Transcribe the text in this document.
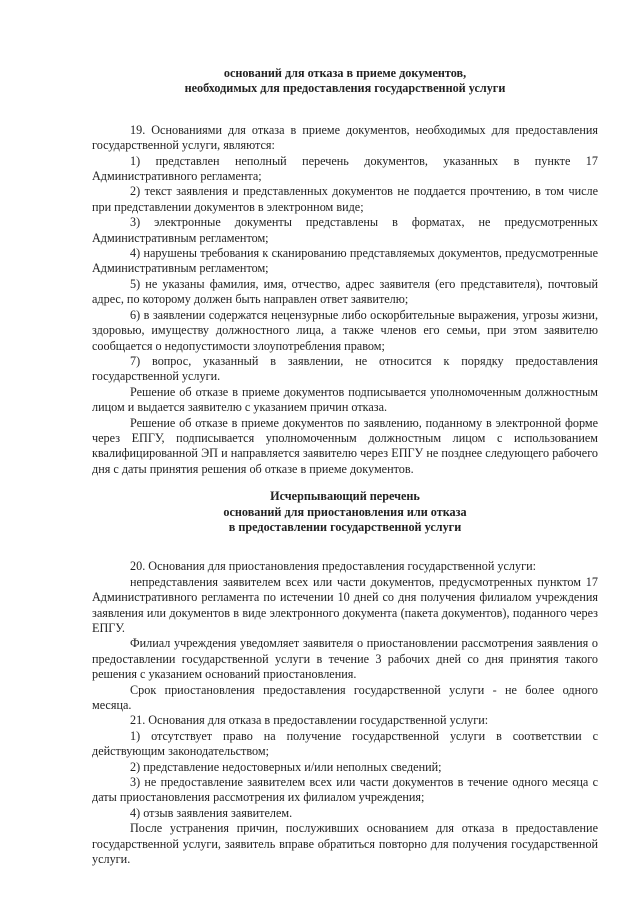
оснований для отказа в приеме документов,
необходимых для предоставления государственной услуги

19. Основаниями для отказа в приеме документов, необходимых для предоставления государственной услуги, являются:

1) представлен неполный перечень документов, указанных в пункте 17 Административного регламента;

2) текст заявления и представленных документов не поддается прочтению, в том числе при представлении документов в электронном виде;

3) электронные документы представлены в форматах, не предусмотренных Административным регламентом;

4) нарушены требования к сканированию представляемых документов, предусмотренные Административным регламентом;

5) не указаны фамилия, имя, отчество, адрес заявителя (его представителя), почтовый адрес, по которому должен быть направлен ответ заявителю;

6) в заявлении содержатся нецензурные либо оскорбительные выражения, угрозы жизни, здоровью, имуществу должностного лица, а также членов его семьи, при этом заявителю сообщается о недопустимости злоупотребления правом;

7) вопрос, указанный в заявлении, не относится к порядку предоставления государственной услуги.

Решение об отказе в приеме документов подписывается уполномоченным должностным лицом и выдается заявителю с указанием причин отказа.

Решение об отказе в приеме документов по заявлению, поданному в электронной форме через ЕПГУ, подписывается уполномоченным должностным лицом с использованием квалифицированной ЭП и направляется заявителю через ЕПГУ не позднее следующего рабочего дня с даты принятия решения об отказе в приеме документов.

Исчерпывающий перечень
оснований для приостановления или отказа
в предоставлении государственной услуги

20. Основания для приостановления предоставления государственной услуги:

непредставления заявителем всех или части документов, предусмотренных пунктом 17 Административного регламента по истечении 10 дней со дня получения филиалом учреждения заявления или документов в виде электронного документа (пакета документов), поданного через ЕПГУ.

Филиал учреждения уведомляет заявителя о приостановлении рассмотрения заявления о предоставлении государственной услуги в течение 3 рабочих дней со дня принятия такого решения с указанием оснований приостановления.

Срок приостановления предоставления государственной услуги - не более одного месяца.

21. Основания для отказа в предоставлении государственной услуги:

1) отсутствует право на получение государственной услуги в соответствии с действующим законодательством;

2) представление недостоверных и/или неполных сведений;

3) не предоставление заявителем всех или части документов в течение одного месяца с даты приостановления рассмотрения их филиалом учреждения;

4) отзыв заявления заявителем.

После устранения причин, послуживших основанием для отказа в предоставление государственной услуги, заявитель вправе обратиться повторно для получения государственной услуги.
